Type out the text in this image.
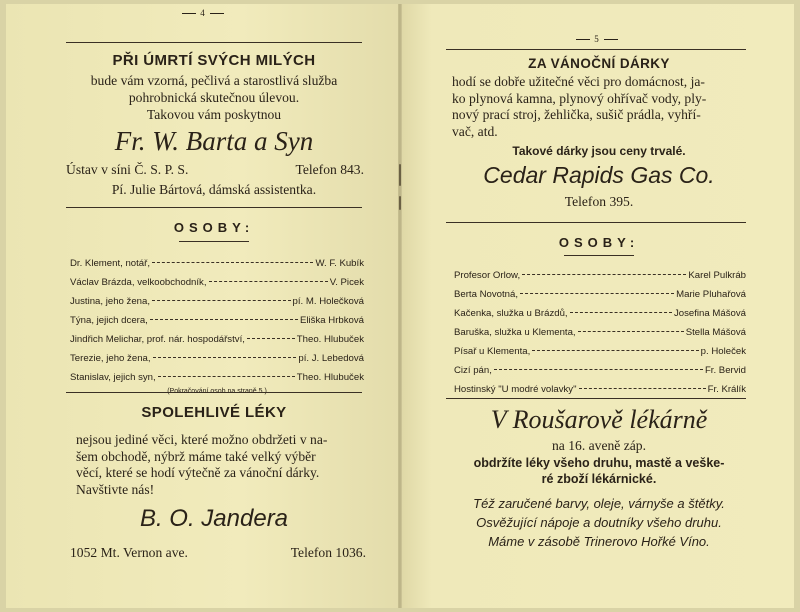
4
PŘI ÚMRTÍ SVÝCH MILÝCH
bude vám vzorná, pečlivá a starostlivá služba
pohrobnická skutečnou úlevou.
Takovou vám poskytnou
Fr. W. Barta a Syn
Ústav v síni Č. S. P. S.	Telefon 843.
Pí. Julie Bártová, dámská assistentka.
OSOBY:
Dr. Klement, notář,	W. F. Kubík
Václav Brázda, velkoobchodník,	V. Picek
Justina, jeho žena,	pí. M. Holečková
Týna, jejich dcera,	Eliška Hrbková
Jindřich Melichar, prof. nár. hospodářství,	Theo. Hlubuček
Terezie, jeho žena,	pí. J. Lebedová
Stanislav, jejich syn,	Theo. Hlubuček
(Pokračování osob na straně 5.)
SPOLEHLIVÉ LÉKY
nejsou jediné věci, které možno obdržeti v na-
šem obchodě, nýbrž máme také velký výběr
věcí, které se hodí výtečně za vánoční dárky.
Navštivte nás!
B. O. Jandera
1052 Mt. Vernon ave.	Telefon 1036.
5
ZA VÁNOČNÍ DÁRKY
hodí se dobře užitečné věci pro domácnost, ja-
ko plynová kamna, plynový ohřívač vody, ply-
nový prací stroj, žehlička, sušič prádla, vyhří-
vač, atd.
Takové dárky jsou ceny trvalé.
Cedar Rapids Gas Co.
Telefon 395.
OSOBY:
Profesor Orlow,	Karel Pulkráb
Berta Novotná,	Marie Pluhařová
Kačenka, služka u Brázdů,	Josefina Mášová
Baruška, služka u Klementa,	Stella Mášová
Písař u Klementa,	p. Holeček
Cizí pán,	Fr. Bervid
Hostinský "U modré volavky"	Fr. Králík
V Roušarově lékárně
na 16. aveně záp.
obdržíte léky všeho druhu, mastě a veške-
ré zboží lékárnické.
Též zaručené barvy, oleje, várnyše a štětky.
Osvěžující nápoje a doutníky všeho druhu.
Máme v zásobě Trinerovo Hořké Víno.
